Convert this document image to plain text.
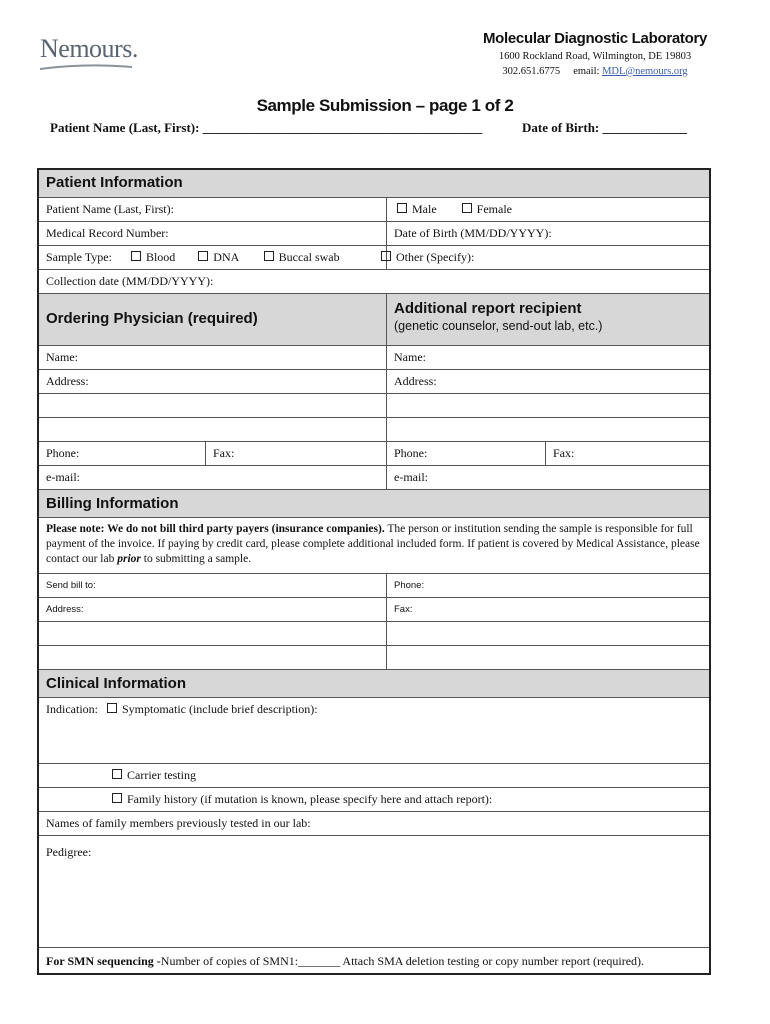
Nemours.	Molecular Diagnostic Laboratory
1600 Rockland Road, Wilmington, DE 19803
302.651.6775 email: MDL@nemours.org
Sample Submission – page 1 of 2
Patient Name (Last, First): ___________________________________________	Date of Birth: _____________
Patient Information
Patient Name (Last, First):	Male	Female
Medical Record Number:	Date of Birth (MM/DD/YYYY):
Sample Type:	Blood	DNA	Buccal swab	Other (Specify):
Collection date (MM/DD/YYYY):
Ordering Physician (required)
Additional report recipient
(genetic counselor, send-out lab, etc.)
Name:	Name:
Address:	Address:
Phone:	Fax:	Phone:	Fax:
e-mail:	e-mail:
Billing Information
Please note: We do not bill third party payers (insurance companies). The person or institution sending the sample is responsible for full payment of the invoice. If paying by credit card, please complete additional included form. If patient is covered by Medical Assistance, please contact our lab prior to submitting a sample.
Send bill to:	Phone:
Address:	Fax:
Clinical Information
Indication: Symptomatic (include brief description):
Carrier testing
Family history (if mutation is known, please specify here and attach report):
Names of family members previously tested in our lab:
Pedigree:
For SMN sequencing -Number of copies of SMN1:_______ Attach SMA deletion testing or copy number report (required).
